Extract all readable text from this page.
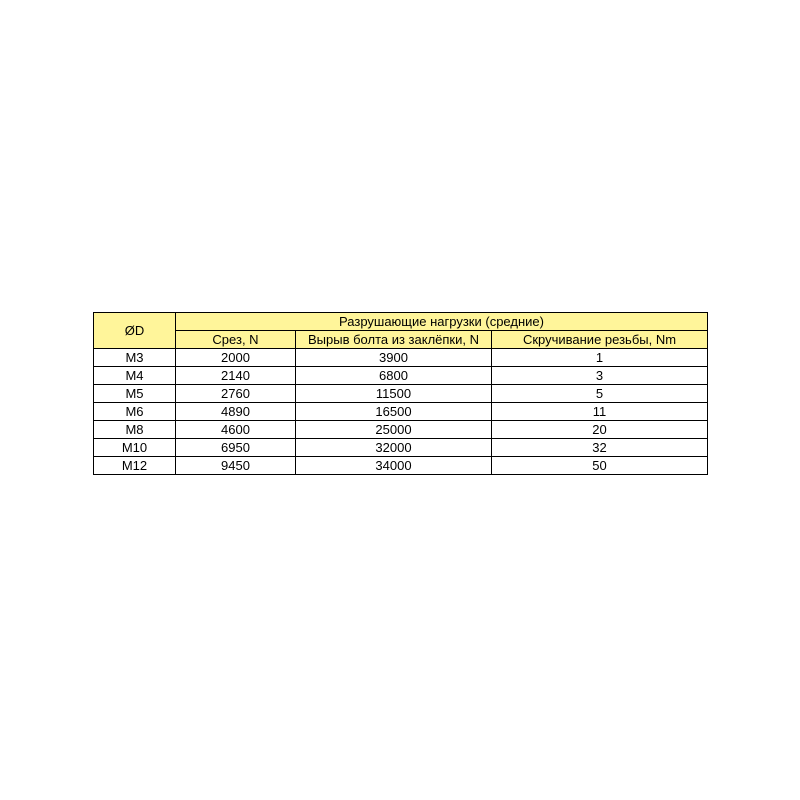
ØD	Разрушающие нагрузки (средние)		
	Срез, N	Вырыв болта из заклёпки, N	Скручивание резьбы, Nm
M3	2000	3900	1
M4	2140	6800	3
M5	2760	11500	5
M6	4890	16500	11
M8	4600	25000	20
M10	6950	32000	32
M12	9450	34000	50
